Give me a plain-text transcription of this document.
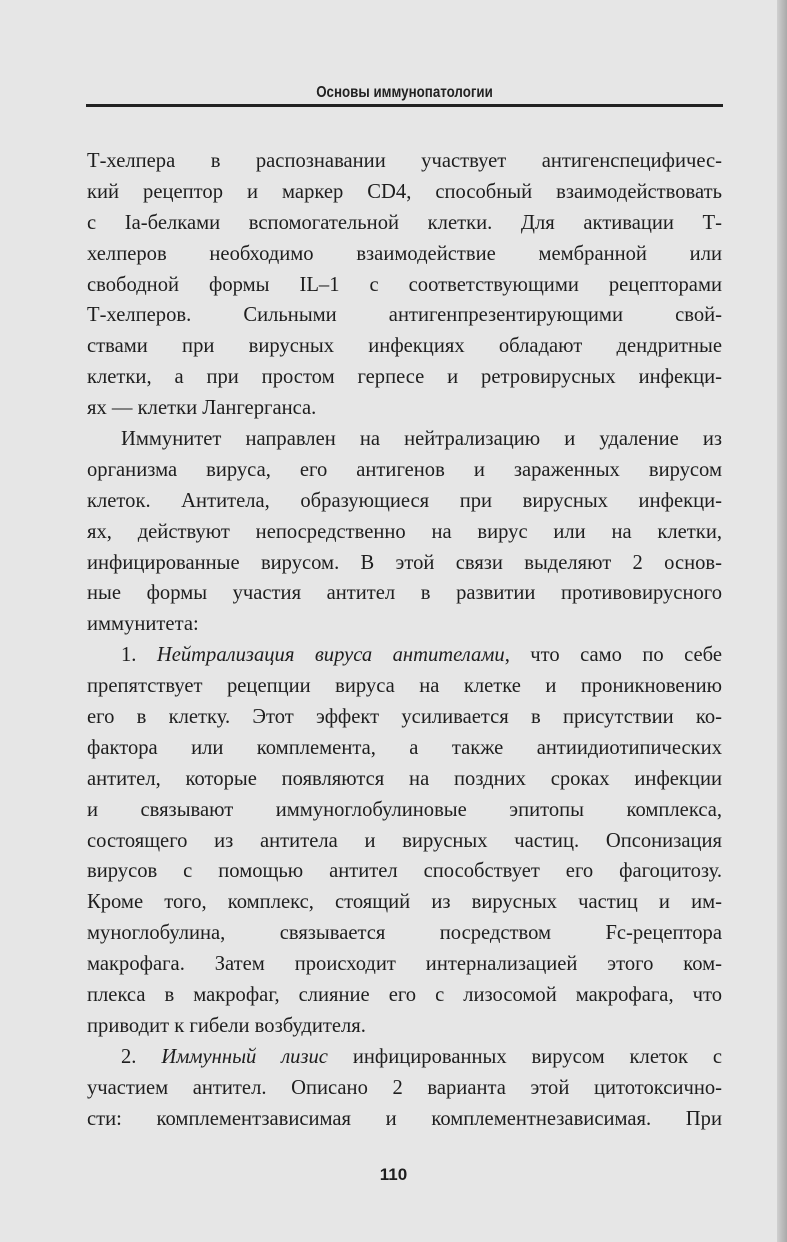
Основы иммунопатологии
Т-хелпера в распознавании участвует антигенспецифичес-
кий рецептор и маркер CD4, способный взаимодействовать
с Ia-белками вспомогательной клетки. Для активации Т-
хелперов необходимо взаимодействие мембранной или
свободной формы IL–1 с соответствующими рецепторами
Т-хелперов. Сильными антигенпрезентирующими свой-
ствами при вирусных инфекциях обладают дендритные
клетки, а при простом герпесе и ретровирусных инфекци-
ях — клетки Лангерганса.
Иммунитет направлен на нейтрализацию и удаление из
организма вируса, его антигенов и зараженных вирусом
клеток. Антитела, образующиеся при вирусных инфекци-
ях, действуют непосредственно на вирус или на клетки,
инфицированные вирусом. В этой связи выделяют 2 основ-
ные формы участия антител в развитии противовирусного
иммунитета:
1. Нейтрализация вируса антителами, что само по себе
препятствует рецепции вируса на клетке и проникновению
его в клетку. Этот эффект усиливается в присутствии ко-
фактора или комплемента, а также антиидиотипических
антител, которые появляются на поздних сроках инфекции
и связывают иммуноглобулиновые эпитопы комплекса,
состоящего из антитела и вирусных частиц. Опсонизация
вирусов с помощью антител способствует его фагоцитозу.
Кроме того, комплекс, стоящий из вирусных частиц и им-
муноглобулина, связывается посредством Fc-рецептора
макрофага. Затем происходит интернализацией этого ком-
плекса в макрофаг, слияние его с лизосомой макрофага, что
приводит к гибели возбудителя.
2. Иммунный лизис инфицированных вирусом клеток с
участием антител. Описано 2 варианта этой цитотоксично-
сти: комплементзависимая и комплементнезависимая. При
110
